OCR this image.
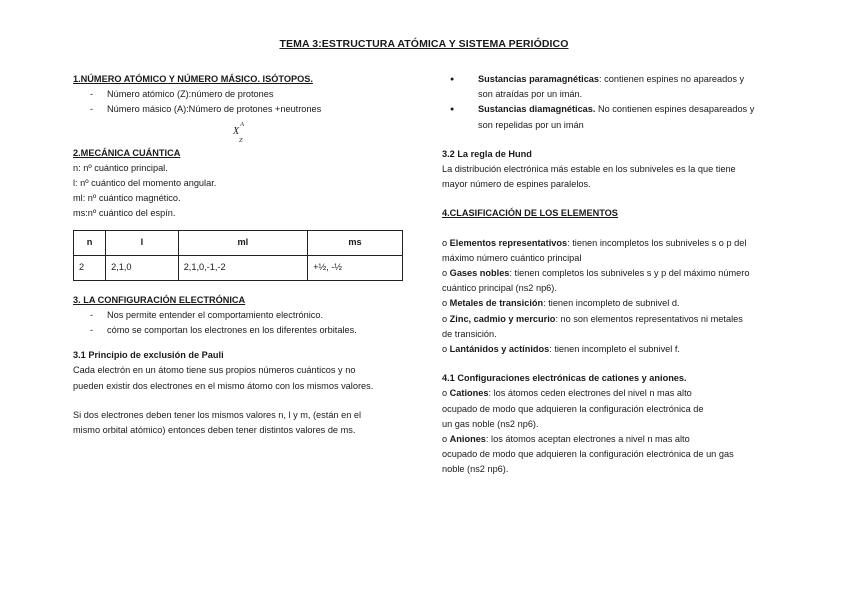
TEMA 3:ESTRUCTURA ATÓMICA Y SISTEMA PERIÓDICO
1.NÚMERO ATÓMICO Y NÚMERO MÁSICO. ISÓTOPOS.
- Número atómico (Z):número de protones
- Número másico (A):Número de protones +neutrones
X
A
Z
2.MECÁNICA CUÁNTICA
n: nº cuántico principal.
l: nº cuántico del momento angular.
ml: nº cuántico magnético.
ms:nº cuántico del espín.
n	l	ml	ms
2	2,1,0	2,1,0,-1,-2	+½, -½
3. LA CONFIGURACIÓN ELECTRÓNICA
- Nos permite entender el comportamiento electrónico.
- cómo se comportan los electrones en los diferentes orbitales.
3.1 Principio de exclusión de Pauli
Cada electrón en un átomo tiene sus propios números cuánticos y no
pueden existir dos electrones en el mismo átomo con los mismos valores.
Si dos electrones deben tener los mismos valores n, l y m, (están en el
mismo orbital atómico) entonces deben tener distintos valores de ms.
● Sustancias paramagnéticas: contienen espines no apareados y
son atraídas por un imán.
● Sustancias diamagnéticas. No contienen espines desapareados y
son repelidas por un imán
3.2 La regla de Hund
La distribución electrónica más estable en los subniveles es la que tiene
mayor número de espines paralelos.
4.CLASIFICACIÓN DE LOS ELEMENTOS
o Elementos representativos: tienen incompletos los subniveles s o p del
máximo número cuántico principal
o Gases nobles: tienen completos los subniveles s y p del máximo número
cuántico principal (ns2 np6).
o Metales de transición: tienen incompleto de subnivel d.
o Zinc, cadmio y mercurio: no son elementos representativos ni metales
de transición.
o Lantánidos y actínidos: tienen incompleto el subnivel f.
4.1 Configuraciones electrónicas de cationes y aniones.
o Cationes: los átomos ceden electrones del nivel n mas alto
ocupado de modo que adquieren la configuración electrónica de
un gas noble (ns2 np6).
o Aniones: los átomos aceptan electrones a nivel n mas alto
ocupado de modo que adquieren la configuración electrónica de un gas
noble (ns2 np6).
